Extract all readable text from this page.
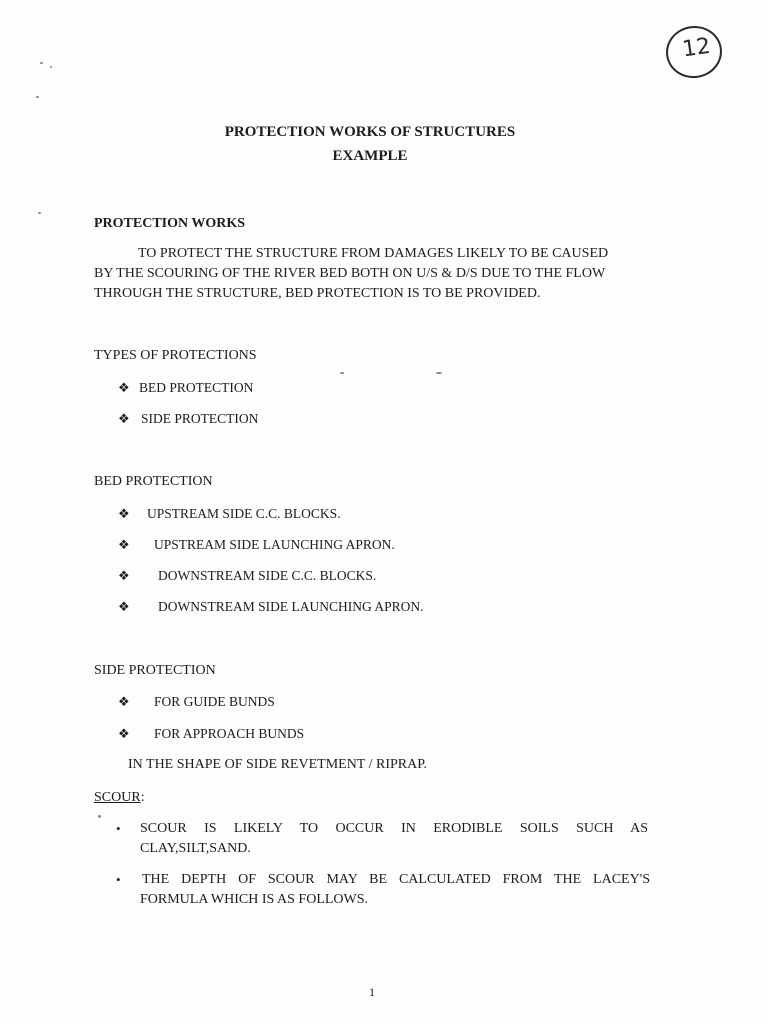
12
PROTECTION WORKS OF STRUCTURES
EXAMPLE
PROTECTION WORKS
TO PROTECT THE STRUCTURE FROM DAMAGES LIKELY TO BE CAUSED
BY THE SCOURING OF THE RIVER BED BOTH ON U/S & D/S DUE TO THE FLOW
THROUGH THE STRUCTURE, BED PROTECTION IS TO BE PROVIDED.
TYPES OF PROTECTIONS
❖ BED PROTECTION
❖ SIDE PROTECTION
BED PROTECTION
❖ UPSTREAM SIDE C.C. BLOCKS.
❖ UPSTREAM SIDE LAUNCHING APRON.
❖ DOWNSTREAM SIDE C.C. BLOCKS.
❖ DOWNSTREAM SIDE LAUNCHING APRON.
SIDE PROTECTION
❖ FOR GUIDE BUNDS
❖ FOR APPROACH BUNDS
IN THE SHAPE OF SIDE REVETMENT / RIPRAP.
SCOUR:
• SCOUR IS LIKELY TO OCCUR IN ERODIBLE SOILS SUCH AS
CLAY,SILT,SAND.
• THE DEPTH OF SCOUR MAY BE CALCULATED FROM THE LACEY'S
FORMULA WHICH IS AS FOLLOWS.
1
